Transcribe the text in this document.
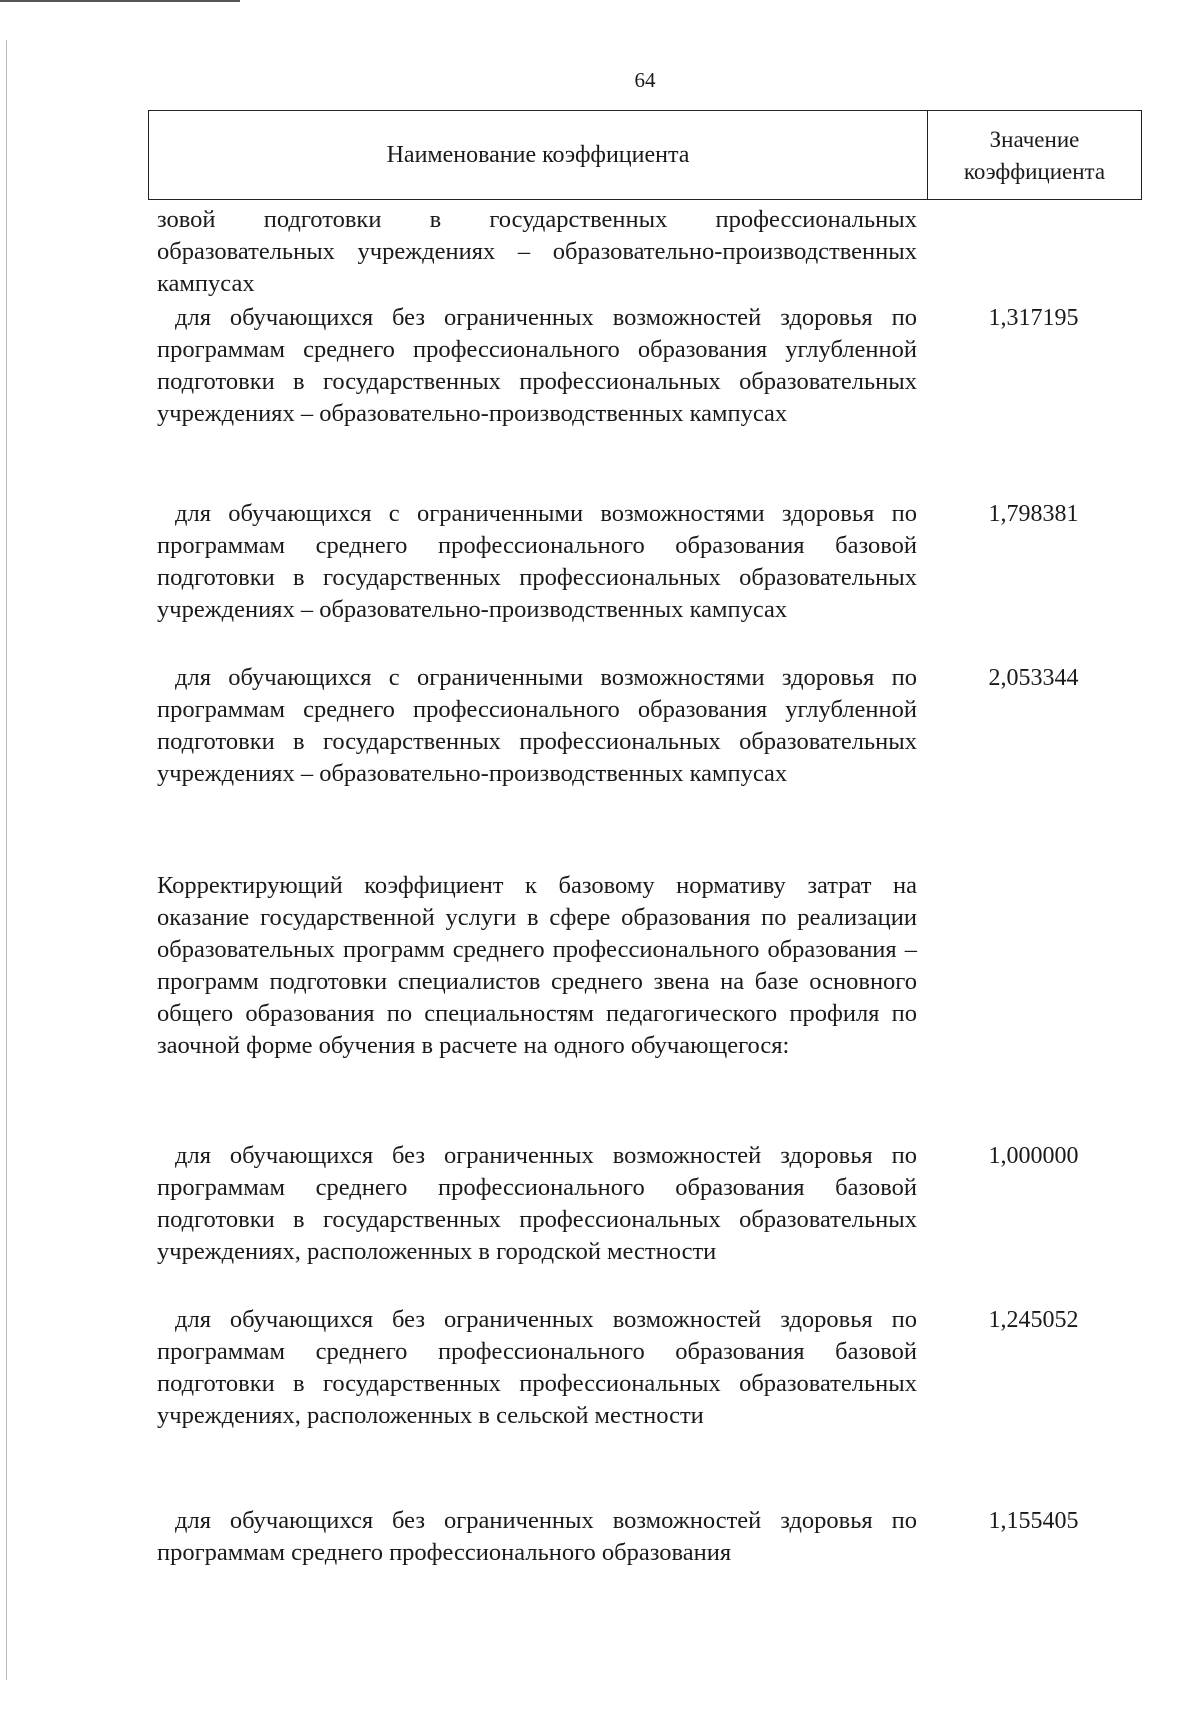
64
Наименование коэффициента
Значение коэффициента
зовой подготовки в государственных профессиональных образовательных учреждениях – образовательно-производственных кампусах
для обучающихся без ограниченных возможностей здоровья по программам среднего профессионального образования углубленной подготовки в государственных профессиональных образовательных учреждениях – образовательно-производственных кампусах
1,317195
для обучающихся с ограниченными возможностями здоровья по программам среднего профессионального образования базовой подготовки в государственных профессиональных образовательных учреждениях – образовательно-производственных кампусах
1,798381
для обучающихся с ограниченными возможностями здоровья по программам среднего профессионального образования углубленной подготовки в государственных профессиональных образовательных учреждениях – образовательно-производственных кампусах
2,053344
Корректирующий коэффициент к базовому нормативу затрат на оказание государственной услуги в сфере образования по реализации образовательных программ среднего профессионального образования – программ подготовки специалистов среднего звена на базе основного общего образования по специальностям педагогического профиля по заочной форме обучения в расчете на одного обучающегося:
для обучающихся без ограниченных возможностей здоровья по программам среднего профессионального образования базовой подготовки в государственных профессиональных образовательных учреждениях, расположенных в городской местности
1,000000
для обучающихся без ограниченных возможностей здоровья по программам среднего профессионального образования базовой подготовки в государственных профессиональных образовательных учреждениях, расположенных в сельской местности
1,245052
для обучающихся без ограниченных возможностей здоровья по программам среднего профессионального образования
1,155405
